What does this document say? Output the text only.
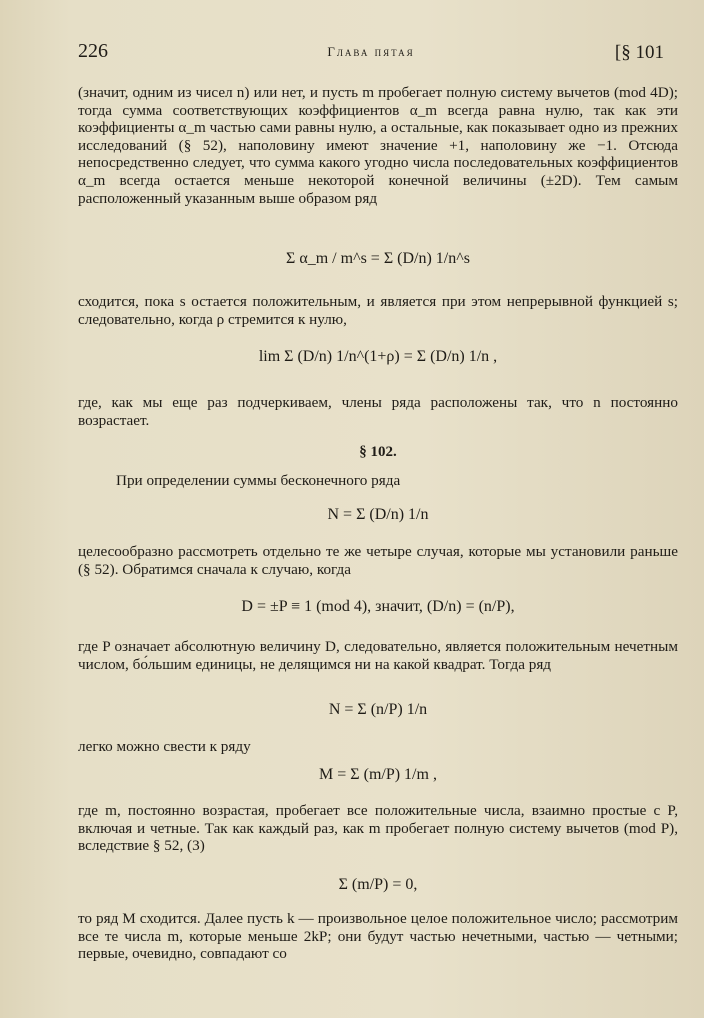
226	Глава пятая	[§ 101
(значит, одним из чисел n) или нет, и пусть m пробегает полную систему вычетов (mod 4D); тогда сумма соответствующих коэффициентов α_m всегда равна нулю, так как эти коэффициенты α_m частью сами равны нулю, а остальные, как показывает одно из прежних исследований (§ 52), наполовину имеют значение +1, наполовину же −1. Отсюда непосредственно следует, что сумма какого угодно числа последовательных коэффициентов α_m всегда остается меньше некоторой конечной величины (±2D). Тем самым расположенный указанным выше образом ряд
Σ α_m / m^s = Σ (D/n) 1/n^s
сходится, пока s остается положительным, и является при этом непрерывной функцией s; следовательно, когда ρ стремится к нулю,
lim Σ (D/n) 1/n^(1+ρ) = Σ (D/n) 1/n ,
где, как мы еще раз подчеркиваем, члены ряда расположены так, что n постоянно возрастает.
§ 102.
При определении суммы бесконечного ряда
N = Σ (D/n) 1/n
целесообразно рассмотреть отдельно те же четыре случая, которые мы установили раньше (§ 52). Обратимся сначала к случаю, когда
D = ±P ≡ 1 (mod 4), значит, (D/n) = (n/P),
где P означает абсолютную величину D, следовательно, является положительным нечетным числом, бо́льшим единицы, не делящимся ни на какой квадрат. Тогда ряд
N = Σ (n/P) 1/n
легко можно свести к ряду
M = Σ (m/P) 1/m ,
где m, постоянно возрастая, пробегает все положительные числа, взаимно простые с P, включая и четные. Так как каждый раз, как m пробегает полную систему вычетов (mod P), вследствие § 52, (3)
Σ (m/P) = 0,
то ряд M сходится. Далее пусть k — произвольное целое положительное число; рассмотрим все те числа m, которые меньше 2kP; они будут частью нечетными, частью — четными; первые, очевидно, совпадают со
